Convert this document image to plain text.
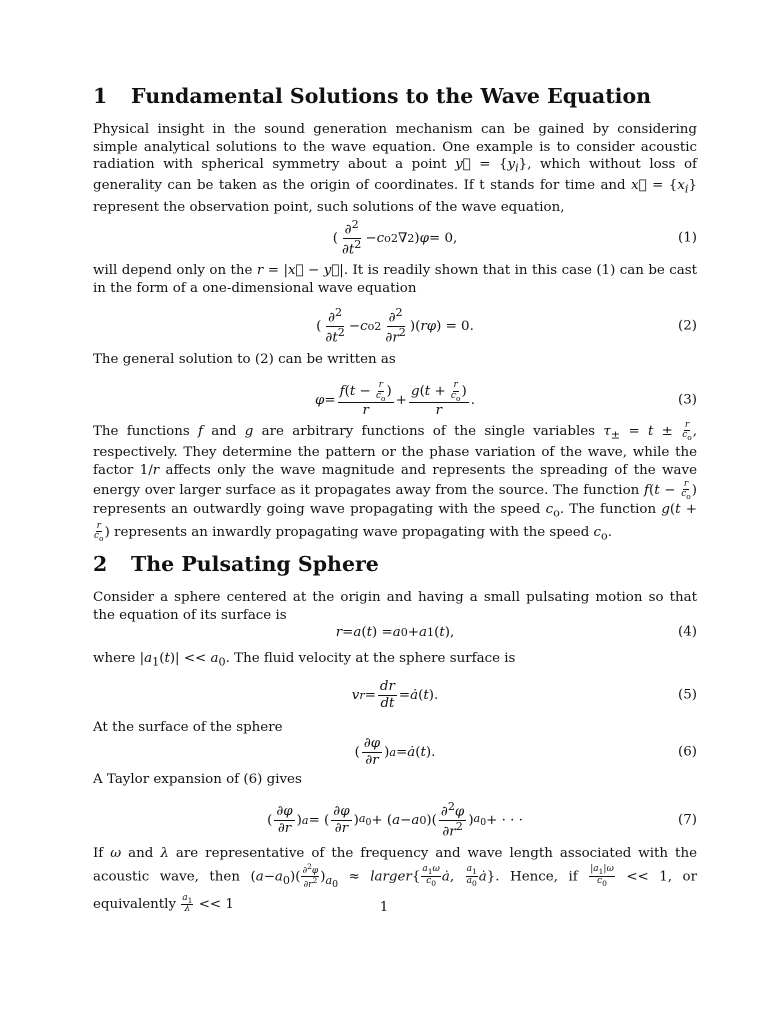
1 Fundamental Solutions to the Wave Equation

Physical insight in the sound generation mechanism can be gained by considering simple analytical solutions to the wave equation. One example is to consider acoustic radiation with spherical symmetry about a point y⃗ = $\{y_i\}$, which without loss of generality can be taken as the origin of coordinates. If t stands for time and x⃗ = $\{x_i\}$ represent the observation point, such solutions of the wave equation,

( $\frac{\partial^2}{\partial t^2} - c$ o 2 ∇ 2 ) φ = 0,	(1)

will depend only on the r = |x⃗ − y⃗|. It is readily shown that in this case (1) can be cast in the form of a one-dimensional wave equation

( $\frac{\partial^2}{\partial t^2} - c$ o $2 \frac{\partial^2}{\partial r^2}$ )( rφ ) = 0.	(2)

The general solution to (2) can be written as

$\varphi = \frac{f(t - \frac{r}{c_o} )}{r} + \frac{g(t + \frac{r}{c_o} )}{r}$ .	(3)

The functions f and g are arbitrary functions of the single variables $\tau_\pm = t \pm \frac{r}{c_o}$ , respectively. They determine the pattern or the phase variation of the wave, while the factor 1/r affects only the wave magnitude and represents the spreading of the wave energy over larger surface as it propagates away from the source. The function $f(t - \frac{r}{c_o}$ ) represents an outwardly going wave propagating with the speed $c_o$. The function g(t +
$\frac{r}{c_o}$ ) represents an inwardly propagating wave propagating with the speed $c_o$.

2 The Pulsating Sphere

Consider a sphere centered at the origin and having a small pulsating motion so that the equation of its surface is

r = a ( t ) = a 0 + a 1 ( t ),	(4)

where $|a_1(t)| << a_0$. The fluid velocity at the sphere surface is

v $r = \frac{dr}{dt}$ = ȧ ( t ).	(5)

At the surface of the sphere

( $\frac{\partial\varphi}{\partial r}$ ) a = ȧ ( t ).	(6)

A Taylor expansion of (6) gives

( $\frac{\partial\varphi}{\partial r}$ ) a = ( $\frac{\partial\varphi}{\partial r}$ ) $a_0$ + ( a − a 0 )( $\frac{\partial^2\varphi}{\partial r^2}$ ) $a_0$ + · · ·	(7)

If ω and λ are representative of the frequency and wave length associated with the acoustic wave, then $(a-a_0)( \frac{\partial^2\varphi}{\partial r^2} )_{a_0}$ ≈ larger{ $\frac{a_1\omega}{c_0}$ ȧ, $\frac{a_1}{a_0}$ ȧ}. Hence, if $\frac{|a_1|\omega}{c_0} << 1$, or equivalently $\frac{a_1}{\lambda} << 1$	1
